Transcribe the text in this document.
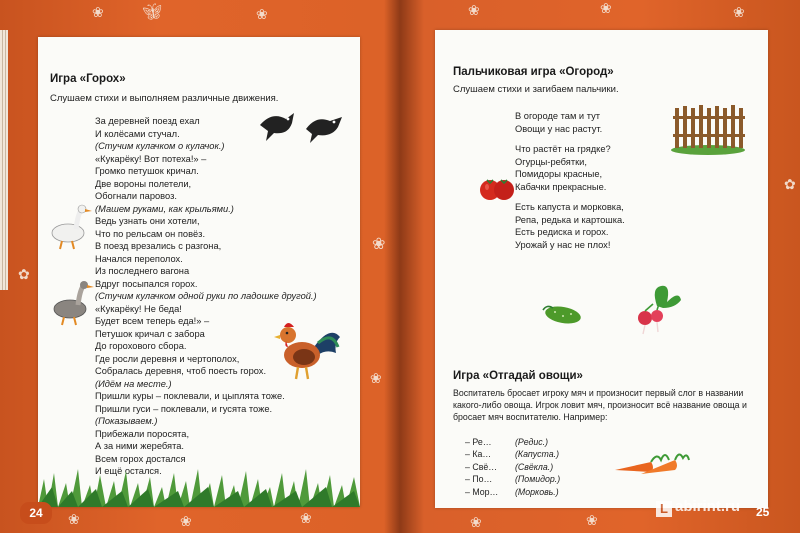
❀ 🦋︎	❀	❀	❀	❀
❀
❀
✿
✿
❀	❀	❀	❀	❀
Игра «Горох»
Слушаем стихи и выполняем различные движения.
За деревней поезд ехал
И колёсами стучал.
(Стучим кулачком о кулачок.)
«Кукарёку! Вот потеха!» –
Громко петушок кричал.
Две вороны полетели,
Обогнали паровоз.
(Машем руками, как крыльями.)
Ведь узнать они хотели,
Что по рельсам он повёз.
В поезд врезались с разгона,
Начался переполох.
Из последнего вагона
Вдруг посыпался горох.
(Стучим кулачком одной руки по ладошке другой.)
«Кукарёку! Не беда!
Будет всем теперь еда!» –
Петушок кричал с забора
До горохового сбора.
Где росли деревня и чертополох,
Собралась деревня, чтоб поесть горох.
(Идём на месте.)
Пришли куры – поклевали, и цыплята тоже.
Пришли гуси – поклевали, и гусята тоже.
(Показываем.)
Прибежали поросята,
А за ними жеребята.
Всем горох достался
И ещё остался.
Пальчиковая игра «Огород»
Слушаем стихи и загибаем пальчики.
В огороде там и тут
Овощи у нас растут.
Что растёт на грядке?
Огурцы-ребятки,
Помидоры красные,
Кабачки прекрасные.
Есть капуста и морковка,
Репа, редька и картошка.
Есть редиска и горох.
Урожай у нас не плох!
Игра «Отгадай овощи»
Воспитатель бросает игроку мяч и произносит первый слог в названии какого-либо овоща. Игрок ловит мяч, произносит всё название овоща и бросает мяч воспитателю. Например:
– Ре…	(Редис.)
– Ка…	(Капуста.)
– Свё…	(Свёкла.)
– По…	(Помидор.)
– Мор…	(Морковь.)
24	25
L abirint.ru
